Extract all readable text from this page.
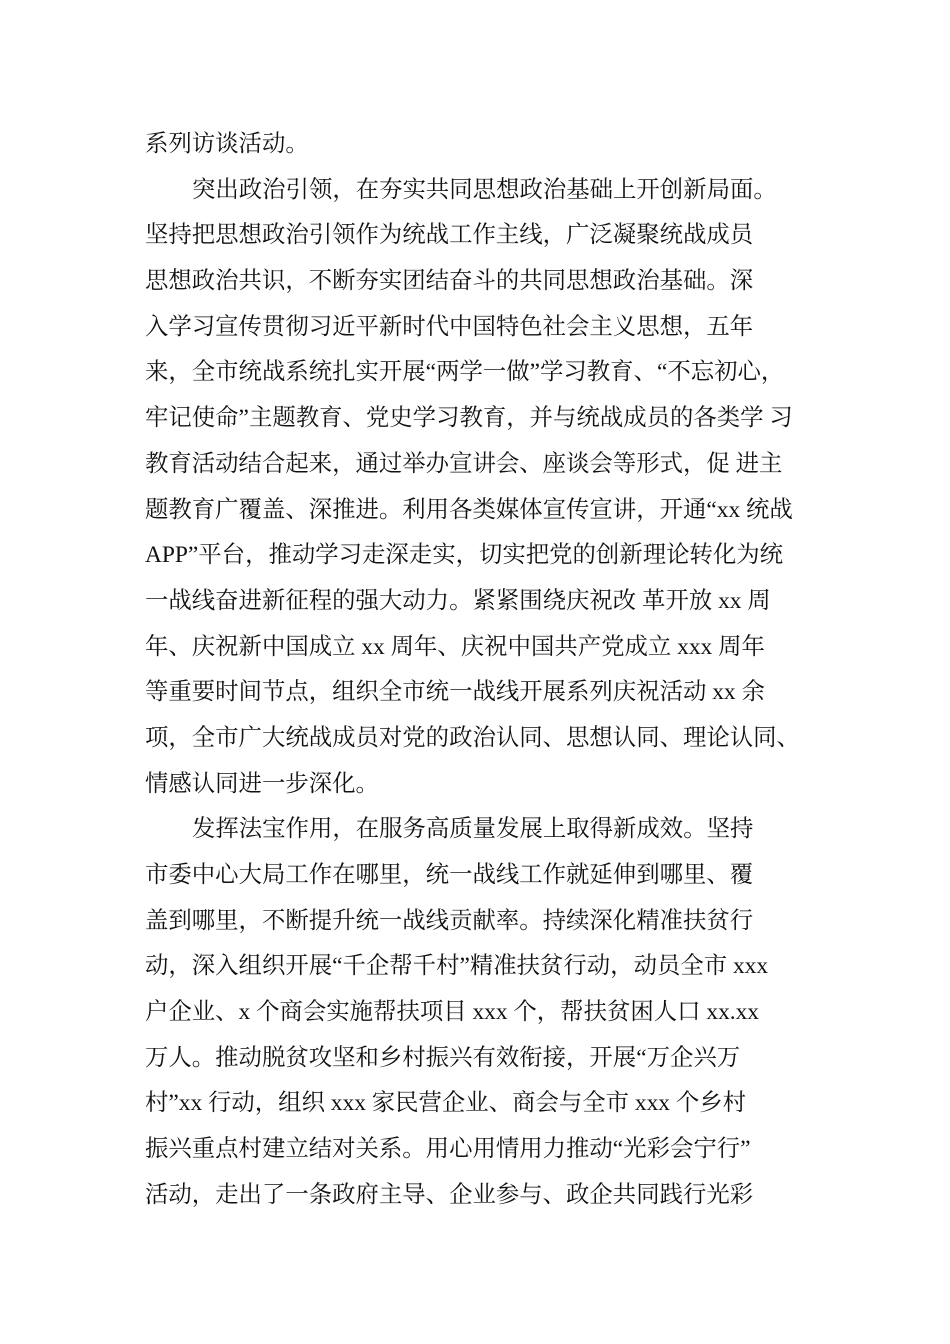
系列访谈活动。
突出政治引领，在夯实共同思想政治基础上开创新局面。
坚持把思想政治引领作为统战工作主线，广泛凝聚统战成员
思想政治共识，不断夯实团结奋斗的共同思想政治基础。深
入学习宣传贯彻习近平新时代中国特色社会主义思想，五年
来，全市统战系统扎实开展“两学一做”学习教育、“不忘初心，
牢记使命”主题教育、党史学习教育，并与统战成员的各类学 习
教育活动结合起来，通过举办宣讲会、座谈会等形式，促 进主
题教育广覆盖、深推进。利用各类媒体宣传宣讲，开通“xx 统战
APP”平台，推动学习走深走实，切实把党的创新理论转化为统
一战线奋进新征程的强大动力。紧紧围绕庆祝改 革开放 xx 周
年、庆祝新中国成立 xx 周年、庆祝中国共产党成立 xxx 周年
等重要时间节点，组织全市统一战线开展系列庆祝活动 xx 余
项，全市广大统战成员对党的政治认同、思想认同、理论认同、
情感认同进一步深化。
发挥法宝作用，在服务高质量发展上取得新成效。坚持
市委中心大局工作在哪里，统一战线工作就延伸到哪里、覆
盖到哪里，不断提升统一战线贡献率。持续深化精准扶贫行
动，深入组织开展“千企帮千村”精准扶贫行动，动员全市 xxx
户企业、x 个商会实施帮扶项目 xxx 个，帮扶贫困人口 xx.xx
万人。推动脱贫攻坚和乡村振兴有效衔接，开展“万企兴万
村”xx 行动，组织 xxx 家民营企业、商会与全市 xxx 个乡村
振兴重点村建立结对关系。用心用情用力推动“光彩会宁行”
活动，走出了一条政府主导、企业参与、政企共同践行光彩
